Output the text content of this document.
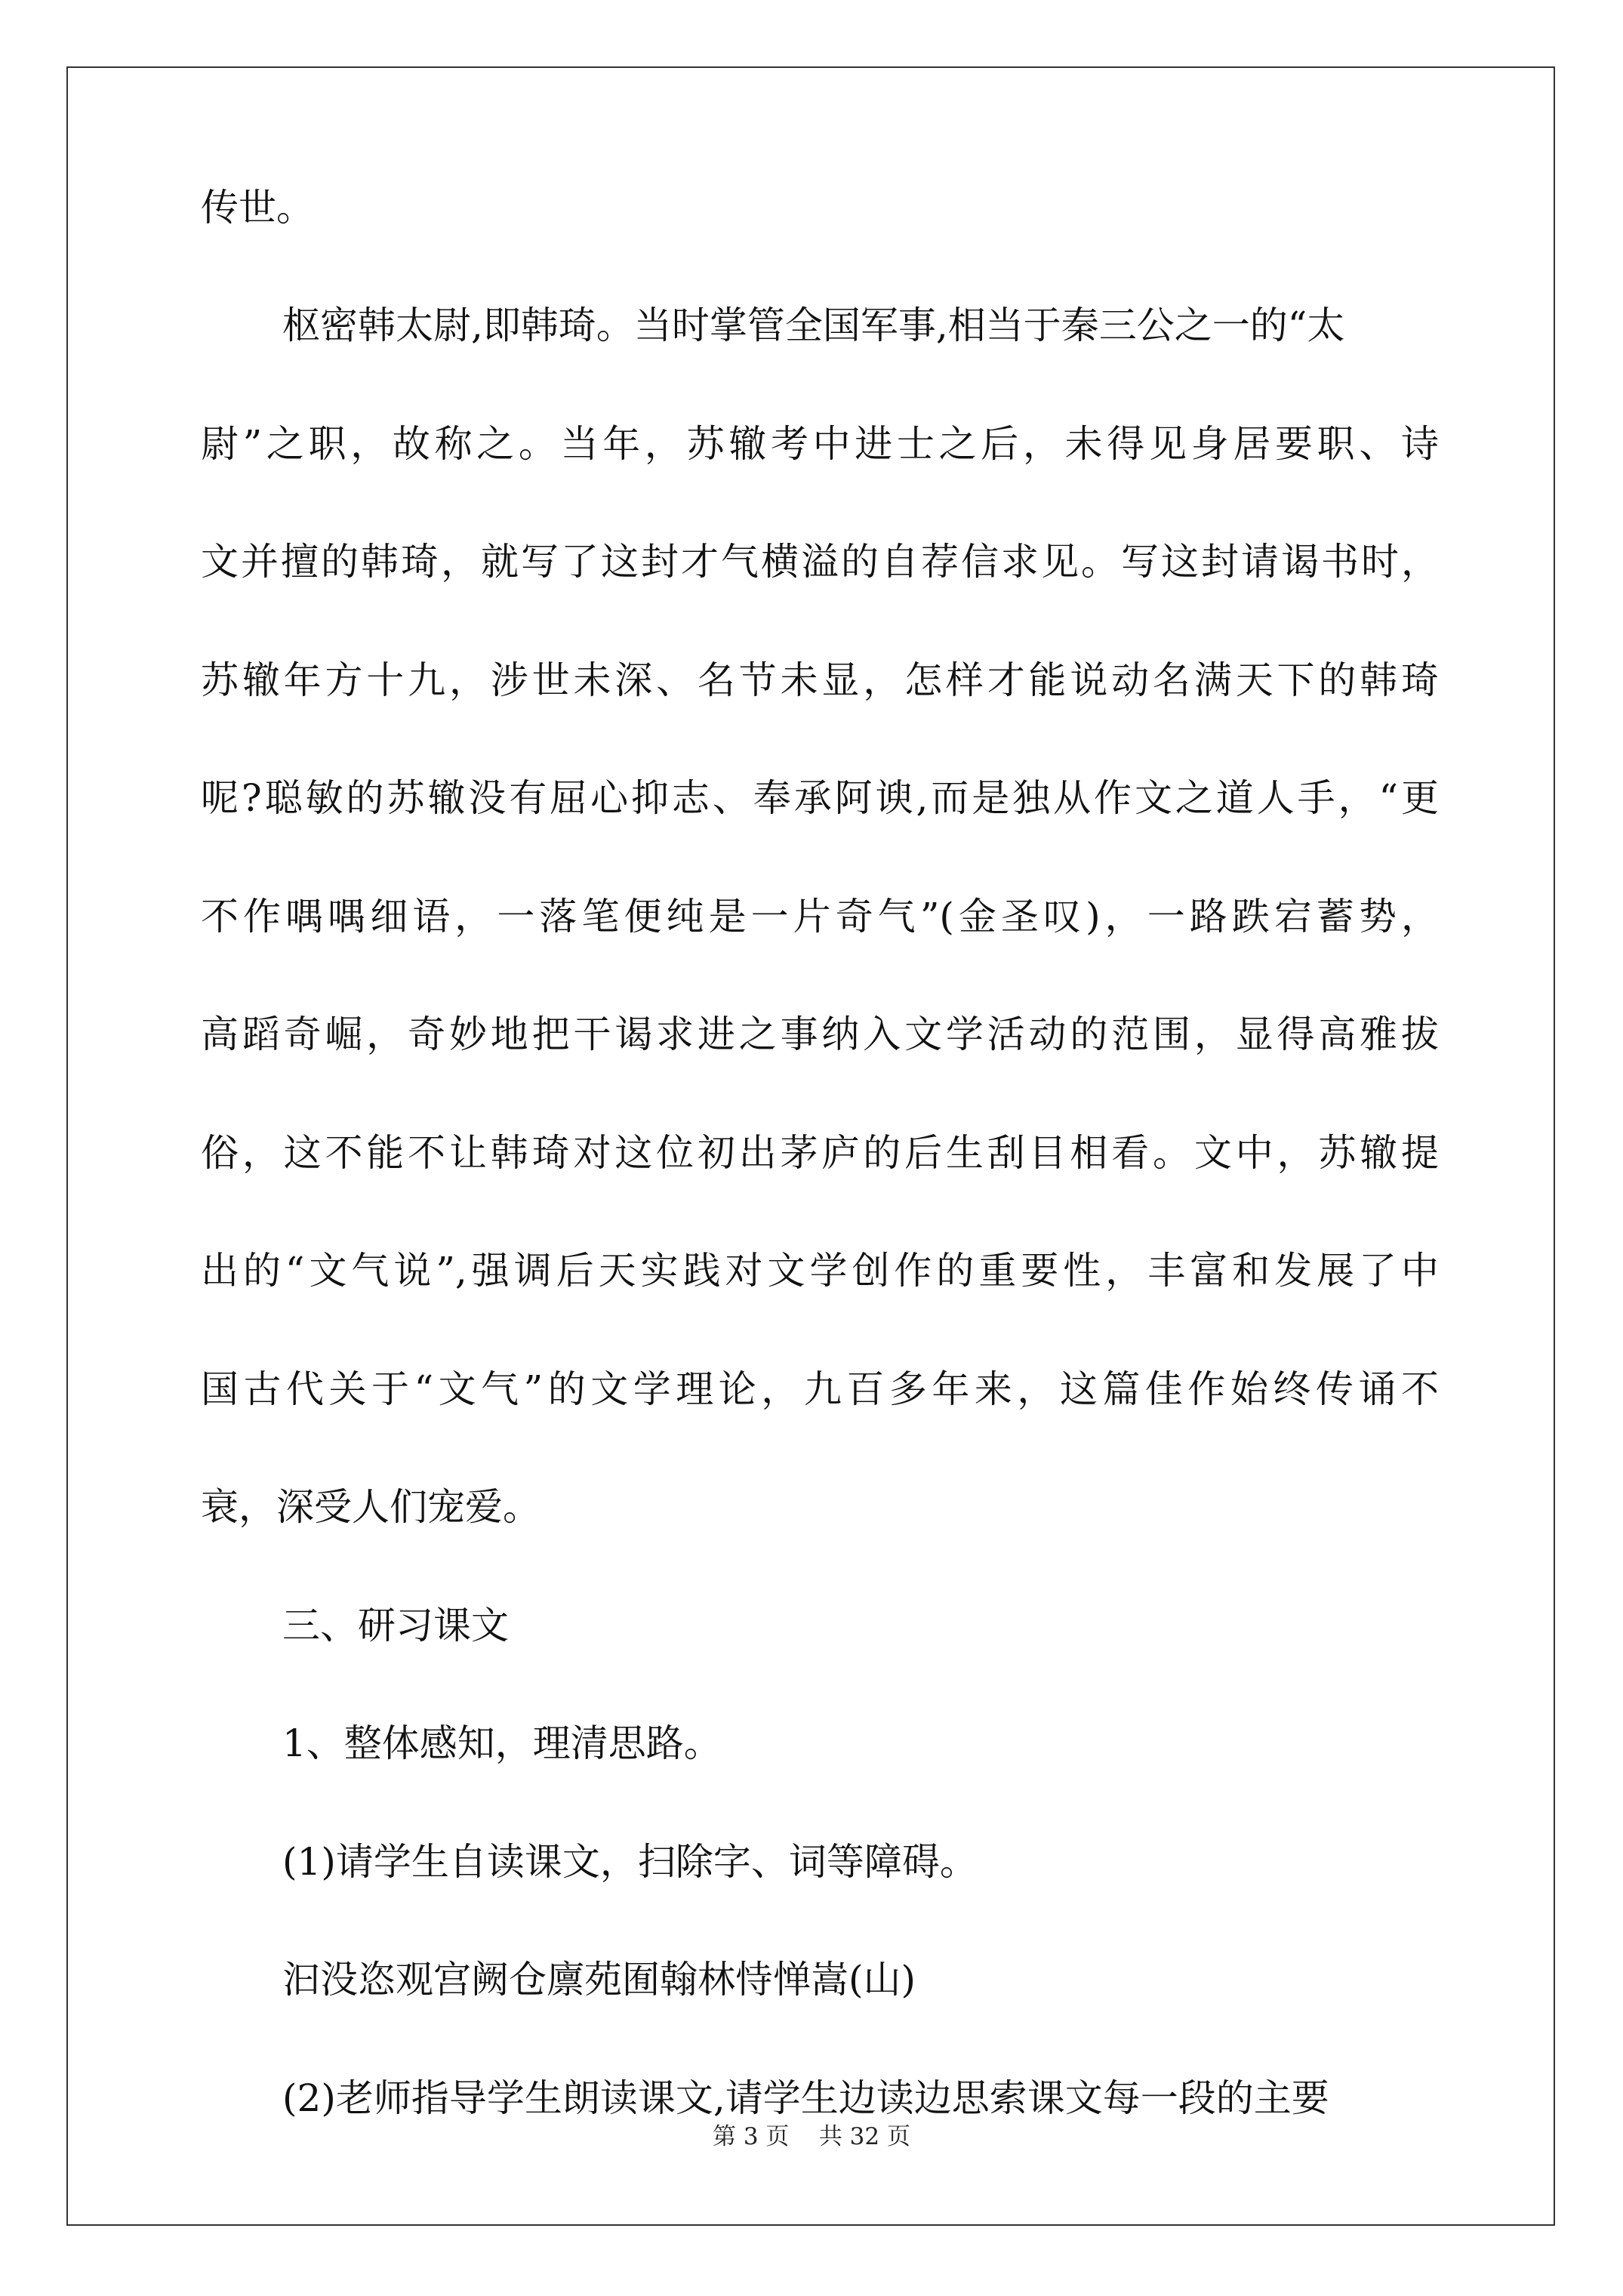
传世。
枢密韩太尉,即韩琦。当时掌管全国军事,相当于秦三公之一的“太
尉”之职，故称之。当年，苏辙考中进士之后，未得见身居要职、诗
文并擅的韩琦，就写了这封才气横溢的自荐信求见。写这封请谒书时，
苏辙年方十九，涉世未深、名节未显，怎样才能说动名满天下的韩琦
呢?聪敏的苏辙没有屈心抑志、奉承阿谀,而是独从作文之道人手，“更
不作喁喁细语，一落笔便纯是一片奇气”(金圣叹)，一路跌宕蓄势，
高蹈奇崛，奇妙地把干谒求进之事纳入文学活动的范围，显得高雅拔
俗，这不能不让韩琦对这位初出茅庐的后生刮目相看。文中，苏辙提
出的“文气说”,强调后天实践对文学创作的重要性，丰富和发展了中
国古代关于“文气”的文学理论，九百多年来，这篇佳作始终传诵不
衰，深受人们宠爱。
三、研习课文
1、整体感知，理清思路。
(1)请学生自读课文，扫除字、词等障碍。
汩没恣观宫阙仓廪苑囿翰林恃惮嵩(山)
(2)老师指导学生朗读课文,请学生边读边思索课文每一段的主要
第 3 页    共 32 页
